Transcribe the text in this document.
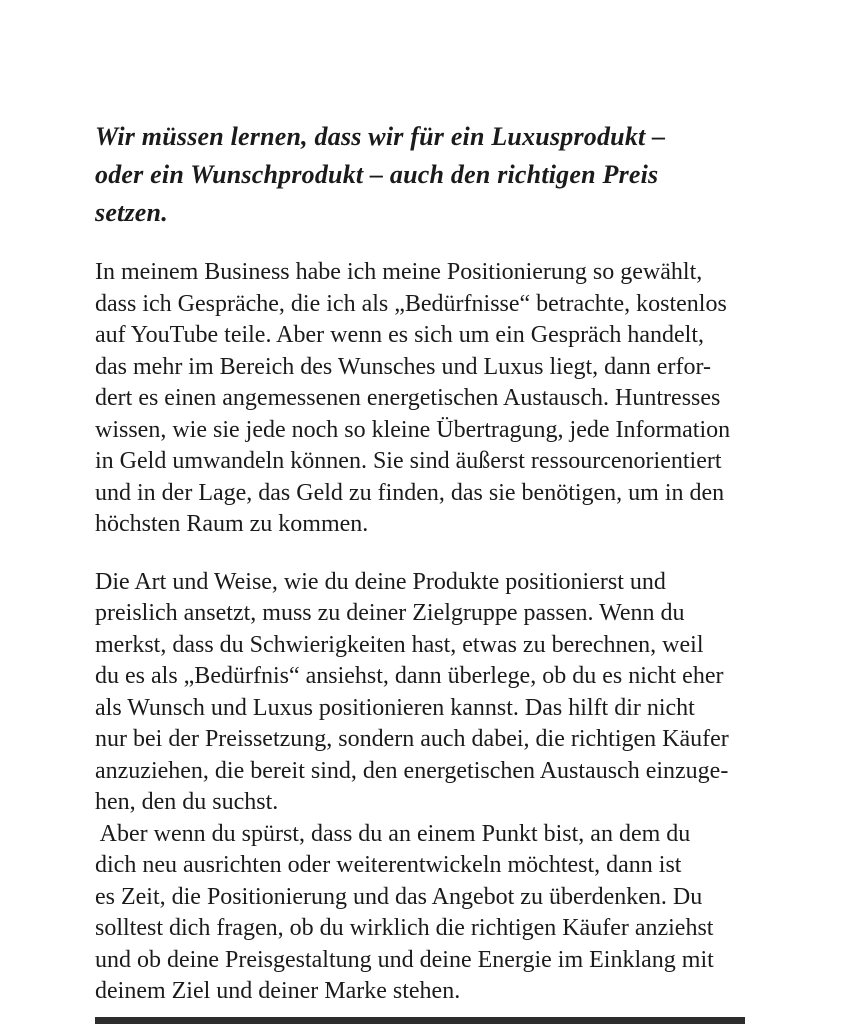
Wir müssen lernen, dass wir für ein Luxusprodukt –
oder ein Wunschprodukt – auch den richtigen Preis
setzen.
In meinem Business habe ich meine Positionierung so gewählt,
dass ich Gespräche, die ich als „Bedürfnisse“ betrachte, kostenlos
auf YouTube teile. Aber wenn es sich um ein Gespräch handelt,
das mehr im Bereich des Wunsches und Luxus liegt, dann erfor-
dert es einen angemessenen energetischen Austausch. Huntresses
wissen, wie sie jede noch so kleine Übertragung, jede Information
in Geld umwandeln können. Sie sind äußerst ressourcenorientiert
und in der Lage, das Geld zu finden, das sie benötigen, um in den
höchsten Raum zu kommen.
Die Art und Weise, wie du deine Produkte positionierst und
preislich ansetzt, muss zu deiner Zielgruppe passen. Wenn du
merkst, dass du Schwierigkeiten hast, etwas zu berechnen, weil
du es als „Bedürfnis“ ansiehst, dann überlege, ob du es nicht eher
als Wunsch und Luxus positionieren kannst. Das hilft dir nicht
nur bei der Preissetzung, sondern auch dabei, die richtigen Käufer
anzuziehen, die bereit sind, den energetischen Austausch einzuge-
hen, den du suchst.
Aber wenn du spürst, dass du an einem Punkt bist, an dem du
dich neu ausrichten oder weiterentwickeln möchtest, dann ist
es Zeit, die Positionierung und das Angebot zu überdenken. Du
solltest dich fragen, ob du wirklich die richtigen Käufer anziehst
und ob deine Preisgestaltung und deine Energie im Einklang mit
deinem Ziel und deiner Marke stehen.
